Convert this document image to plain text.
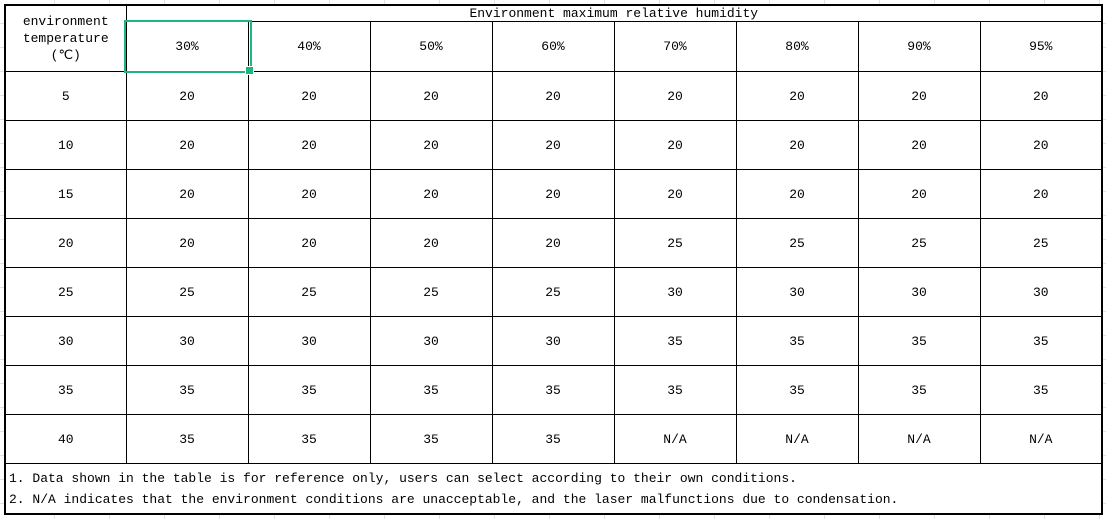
environment
temperature
(℃)	Environment maximum relative humidity							
	30%	40%	50%	60%	70%	80%	90%	95%
5	20	20	20	20	20	20	20	20
10	20	20	20	20	20	20	20	20
15	20	20	20	20	20	20	20	20
20	20	20	20	20	25	25	25	25
25	25	25	25	25	30	30	30	30
30	30	30	30	30	35	35	35	35
35	35	35	35	35	35	35	35	35
40	35	35	35	35	N/A	N/A	N/A	N/A

1. Data shown in the table is for reference only, users can select according to their own conditions.
2. N/A indicates that the environment conditions are unacceptable, and the laser malfunctions due to condensation.								
